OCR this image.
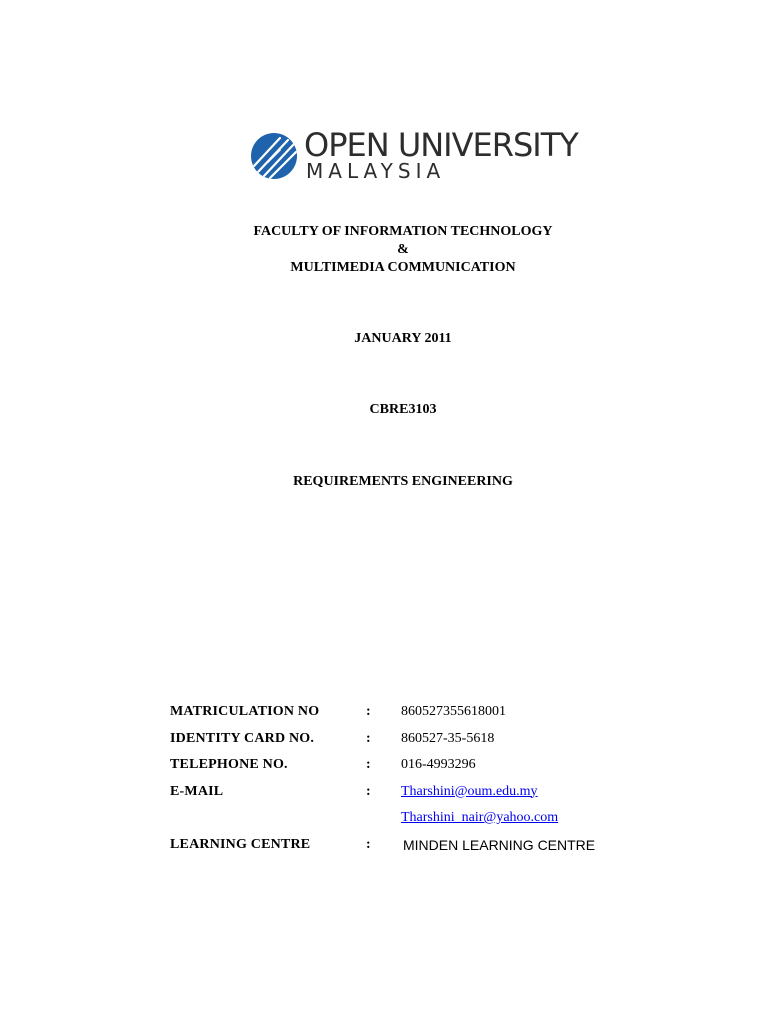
OPEN UNIVERSITY
MALAYSIA
FACULTY OF INFORMATION TECHNOLOGY
&
MULTIMEDIA COMMUNICATION
JANUARY 2011
CBRE3103
REQUIREMENTS ENGINEERING
MATRICULATION NO	: 860527355618001
IDENTITY CARD NO.	: 860527-35-5618
TELEPHONE NO.	: 016-4993296
E-MAIL	: Tharshini@oum.edu.my
Tharshini_nair@yahoo.com
LEARNING CENTRE	: MINDEN LEARNING CENTRE
